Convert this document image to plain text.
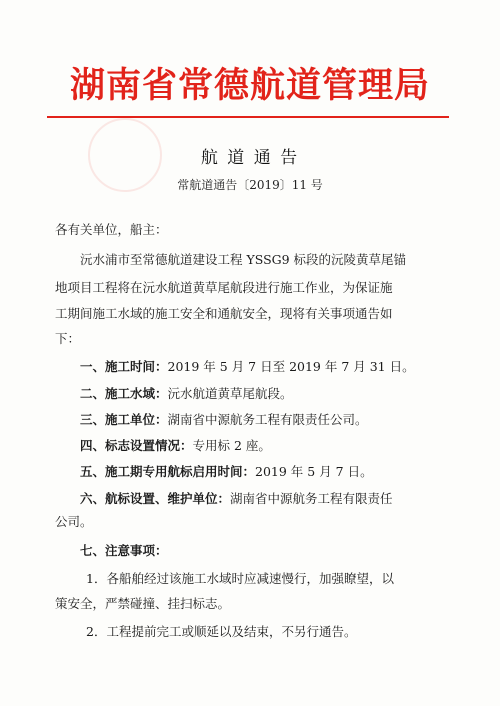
湖南省常德航道管理局
航 道 通 告
常航道通告〔2019〕11 号
各有关单位，船主：
沅水浦市至常德航道建设工程 YSSG9 标段的沅陵黄草尾锚
地项目工程将在沅水航道黄草尾航段进行施工作业，为保证施
工期间施工水域的施工安全和通航安全，现将有关事项通告如
下：
一、施工时间：2019 年 5 月 7 日至 2019 年 7 月 31 日。
二、施工水域：沅水航道黄草尾航段。
三、施工单位：湖南省中源航务工程有限责任公司。
四、标志设置情况：专用标 2 座。
五、施工期专用航标启用时间：2019 年 5 月 7 日。
六、航标设置、维护单位：湖南省中源航务工程有限责任
公司。
七、注意事项：
1．各船舶经过该施工水域时应减速慢行，加强瞭望，以
策安全，严禁碰撞、挂扫标志。
2．工程提前完工或顺延以及结束，不另行通告。
